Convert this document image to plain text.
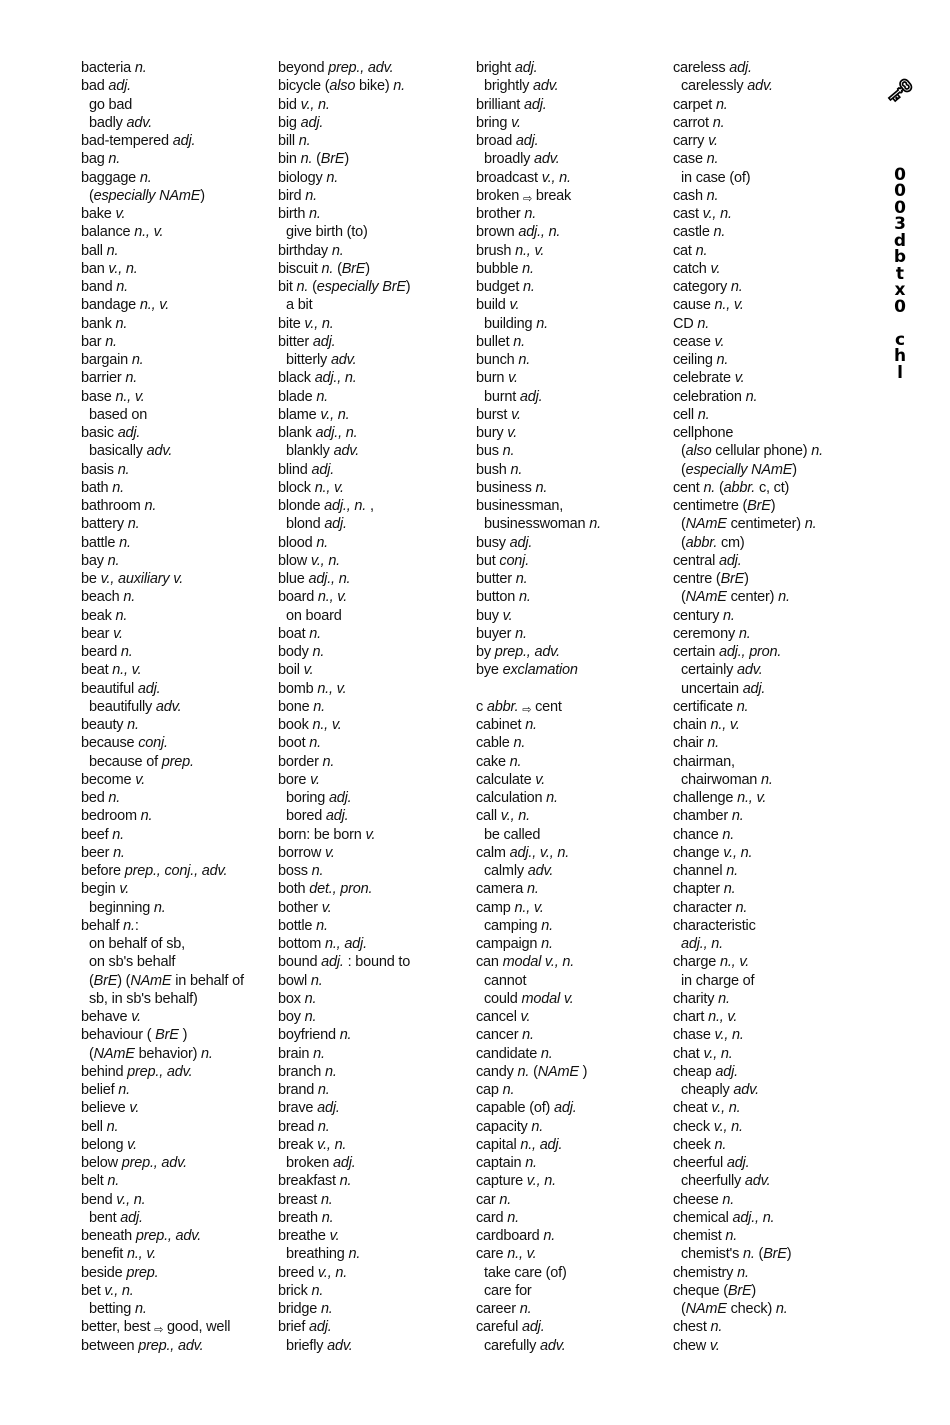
bacteria n.
bad adj.
go bad
badly adv.
bad-tempered adj.
bag n.
baggage n.
(especially NAmE)
bake v.
balance n., v.
ball n.
ban v., n.
band n.
bandage n., v.
bank n.
bar n.
bargain n.
barrier n.
base n., v.
based on
basic adj.
basically adv.
basis n.
bath n.
bathroom n.
battery n.
battle n.
bay n.
be v., auxiliary v.
beach n.
beak n.
bear v.
beard n.
beat n., v.
beautiful adj.
beautifully adv.
beauty n.
because conj.
because of prep.
become v.
bed n.
bedroom n.
beef n.
beer n.
before prep., conj., adv.
begin v.
beginning n.
behalf n.:
on behalf of sb,
on sb's behalf
(BrE) (NAmE in behalf of
sb, in sb's behalf)
behave v.
behaviour ( BrE )
(NAmE behavior) n.
behind prep., adv.
belief n.
believe v.
bell n.
belong v.
below prep., adv.
belt n.
bend v., n.
bent adj.
beneath prep., adv.
benefit n., v.
beside prep.
bet v., n.
betting n.
better, best ⇨ good, well
between prep., adv.
beyond prep., adv.
bicycle (also bike) n.
bid v., n.
big adj.
bill n.
bin n. (BrE)
biology n.
bird n.
birth n.
give birth (to)
birthday n.
biscuit n. (BrE)
bit n. (especially BrE)
a bit
bite v., n.
bitter adj.
bitterly adv.
black adj., n.
blade n.
blame v., n.
blank adj., n.
blankly adv.
blind adj.
block n., v.
blonde adj., n. ,
blond adj.
blood n.
blow v., n.
blue adj., n.
board n., v.
on board
boat n.
body n.
boil v.
bomb n., v.
bone n.
book n., v.
boot n.
border n.
bore v.
boring adj.
bored adj.
born: be born v.
borrow v.
boss n.
both det., pron.
bother v.
bottle n.
bottom n., adj.
bound adj. : bound to
bowl n.
box n.
boy n.
boyfriend n.
brain n.
branch n.
brand n.
brave adj.
bread n.
break v., n.
broken adj.
breakfast n.
breast n.
breath n.
breathe v.
breathing n.
breed v., n.
brick n.
bridge n.
brief adj.
briefly adv.
bright adj.
brightly adv.
brilliant adj.
bring v.
broad adj.
broadly adv.
broadcast v., n.
broken ⇨ break
brother n.
brown adj., n.
brush n., v.
bubble n.
budget n.
build v.
building n.
bullet n.
bunch n.
burn v.
burnt adj.
burst v.
bury v.
bus n.
bush n.
business n.
businessman,
businesswoman n.
busy adj.
but conj.
butter n.
button n.
buy v.
buyer n.
by prep., adv.
bye exclamation
c abbr. ⇨ cent
cabinet n.
cable n.
cake n.
calculate v.
calculation n.
call v., n.
be called
calm adj., v., n.
calmly adv.
camera n.
camp n., v.
camping n.
campaign n.
can modal v., n.
cannot
could modal v.
cancel v.
cancer n.
candidate n.
candy n. (NAmE )
cap n.
capable (of) adj.
capacity n.
capital n., adj.
captain n.
capture v., n.
car n.
card n.
cardboard n.
care n., v.
take care (of)
care for
career n.
careful adj.
carefully adv.
careless adj.
carelessly adv.
carpet n.
carrot n.
carry v.
case n.
in case (of)
cash n.
cast v., n.
castle n.
cat n.
catch v.
category n.
cause n., v.
CD n.
cease v.
ceiling n.
celebrate v.
celebration n.
cell n.
cellphone
(also cellular phone) n.
(especially NAmE)
cent n. (abbr. c, ct)
centimetre (BrE)
(NAmE centimeter) n.
(abbr. cm)
central adj.
centre (BrE)
(NAmE center) n.
century n.
ceremony n.
certain adj., pron.
certainly adv.
uncertain adj.
certificate n.
chain n., v.
chair n.
chairman,
chairwoman n.
challenge n., v.
chamber n.
chance n.
change v., n.
channel n.
chapter n.
character n.
characteristic
adj., n.
charge n., v.
in charge of
charity n.
chart n., v.
chase v., n.
chat v., n.
cheap adj.
cheaply adv.
cheat v., n.
check v., n.
cheek n.
cheerful adj.
cheerfully adv.
cheese n.
chemical adj., n.
chemist n.
chemist's n. (BrE)
chemistry n.
cheque (BrE)
(NAmE check) n.
chest n.
chew v.
🗝︎
0
0
0
3
d
b
t
x
0

c
h
l
